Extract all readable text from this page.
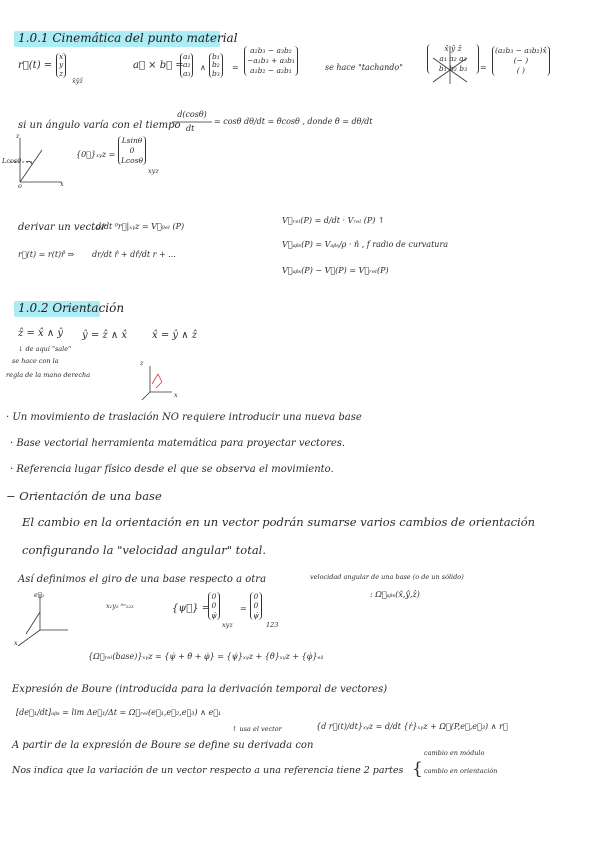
1.0.1 Cinemática del punto material
r⃗(t) =
x
y
z
x̂ŷẑ
a⃗ × b⃗ =
a₁
a₂
a₃
∧
b₁
b₂
b₃
=
a₂b₃ − a₃b₂
−a₁b₃ + a₃b₁
a₁b₂ − a₂b₁	se hace "tachando"
x̂ ŷ ẑ
a₁ a₂ a₃
b₁ b₂ b₃	=
(a₂b₃ − a₃b₂)x̂
(− )
( )
si un ángulo varía con el tiempo
d(cosθ)
dt
= cosθ dθ/dt = θ̇cosθ , donde θ̇ = dθ/dt
z
Lcosθ
x
o
{0⃗}ₓᵧz =
Lsinθ
0
Lcosθ
xyz
derivar un vector
d/dt ⁰r⃗|ₓᵧz = V⃗₀ₑₗ (P)
r⃗(t) = r(t)r̂ ⇒ dr/dt r̂ + dr̂/dt r + ...
V⃗ᵣₑₗ(P) = d/dt · Vᵣₑₗ (P) ↑
V⃗ₐᵦₛ(P) = Vₐᵦₛ/ρ · n̂ , f radio de curvatura
V⃗ₐᵦₛ(P) − V⃗(P) = V⃗ᵣₑₗ(P)
1.0.2 Orientación
ẑ = x̂ ∧ ŷ ŷ = ẑ ∧ x̂	x̂ = ŷ ∧ ẑ
↓ de aquí "sale"
se hace con la
regla de la mano derecha
z
x
· Un movimiento de traslación NO requiere introducir una nueva base
· Base vectorial herramienta matemática para proyectar vectores.
· Referencia lugar físico desde el que se observa el movimiento.
− Orientación de una base
El cambio en la orientación en un vector podrán sumarse varios cambios de orientación
configurando la "velocidad angular" total.
Así definimos el giro de una base respecto a otra	velocidad angular de una base (o de un sólido)
: Ω⃗ₐᵦₛ(x̂,ŷ,ẑ)
e⃗₁
x
x₁y₂ ⁰ᵉ₁₂₃	{ψ⃗} =
0
0
ψ̇
xyz
=
0
0
ψ̇
123
{Ω⃗ᵣₑₗ(base)}ₓᵧz = {ψ̇ + θ̇ + φ̇} = {ψ̇}ₓᵧz + {θ̇}ₓᵧz + {φ̇}ₑ₁
Expresión de Boure (introducida para la derivación temporal de vectores)
[de⃗₁/dt]ₐᵦₛ = lim Δe⃗₁/Δt = Ω⃗ᵣₑₗ(e⃗₁,e⃗₂,e⃗₃) ∧ e⃗₁
↑ usa el vector	{d r⃗(t)/dt}ₓᵧz = d/dt {ṙ}ₓᵧz + Ω⃗(P,e⃗,e⃗₃) ∧ r⃗
A partir de la expresión de Boure se define su derivada con
Nos indica que la variación de un vector respecto a una referencia tiene 2 partes {
cambio en módulo
cambio en orientación
